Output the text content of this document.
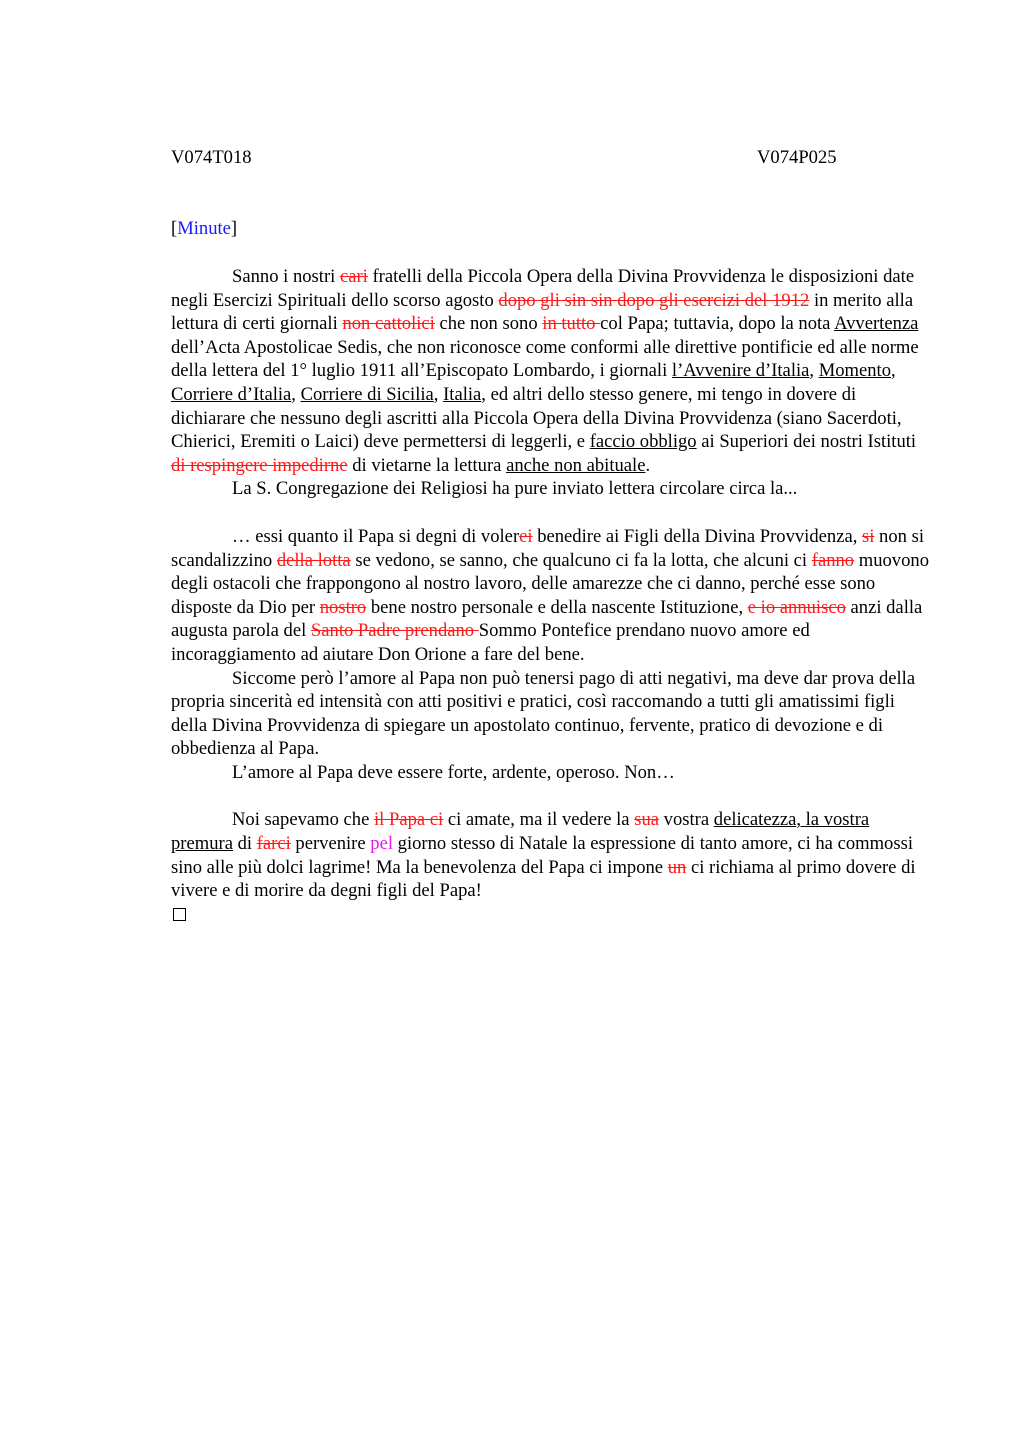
V074T018	V074P025
[Minute]

Sanno i nostri cari fratelli della Piccola Opera della Divina Provvidenza le disposizioni date negli Esercizi Spirituali dello scorso agosto dopo gli sin sin dopo gli esercizi del 1912 in merito alla lettura di certi giornali non cattolici che non sono in tutto col Papa; tuttavia, dopo la nota Avvertenza dell’Acta Apostolicae Sedis, che non riconosce come conformi alle direttive pontificie ed alle norme della lettera del 1° luglio 1911 all’Episcopato Lombardo, i giornali l’Avvenire d’Italia, Momento, Corriere d’Italia, Corriere di Sicilia, Italia, ed altri dello stesso genere, mi tengo in dovere di dichiarare che nessuno degli ascritti alla Piccola Opera della Divina Provvidenza (siano Sacerdoti, Chierici, Eremiti o Laici) deve permettersi di leggerli, e faccio obbligo ai Superiori dei nostri Istituti di respingere impedirne di vietarne la lettura anche non abituale.

La S. Congregazione dei Religiosi ha pure inviato lettera circolare circa la...

… essi quanto il Papa si degni di volerei benedire ai Figli della Divina Provvidenza, si non si scandalizzino della lotta se vedono, se sanno, che qualcuno ci fa la lotta, che alcuni ci fanno muovono degli ostacoli che frappongono al nostro lavoro, delle amarezze che ci danno, perché esse sono disposte da Dio per nostro bene nostro personale e della nascente Istituzione, e io annuisco anzi dalla augusta parola del Santo Padre prendano Sommo Pontefice prendano nuovo amore ed incoraggiamento ad aiutare Don Orione a fare del bene.

Siccome però l’amore al Papa non può tenersi pago di atti negativi, ma deve dar prova della propria sincerità ed intensità con atti positivi e pratici, così raccomando a tutti gli amatissimi figli della Divina Provvidenza di spiegare un apostolato continuo, fervente, pratico di devozione e di obbedienza al Papa.

L’amore al Papa deve essere forte, ardente, operoso. Non…

Noi sapevamo che il Papa ci ci amate, ma il vedere la sua vostra delicatezza, la vostra premura di farci pervenire pel giorno stesso di Natale la espressione di tanto amore, ci ha commossi sino alle più dolci lagrime! Ma la benevolenza del Papa ci impone un ci richiama al primo dovere di vivere e di morire da degni figli del Papa!
